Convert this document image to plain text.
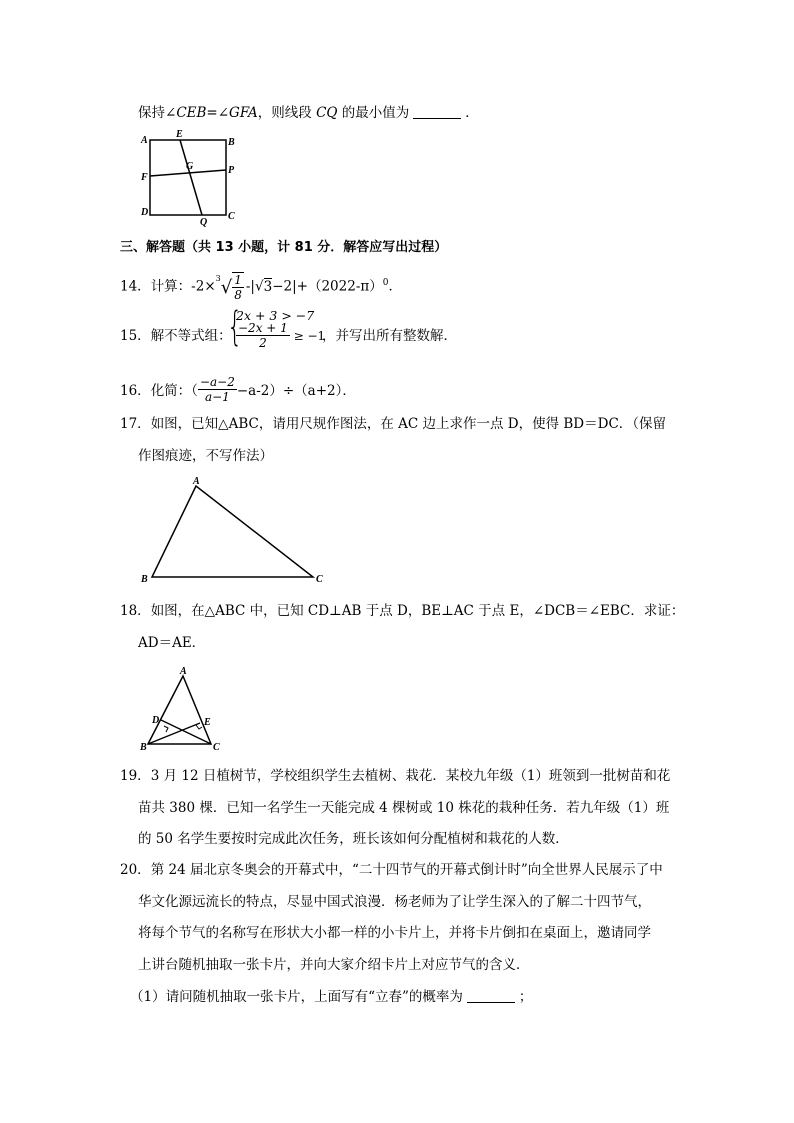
保持∠CEB=∠GFA，则线段 CQ 的最小值为	．
A
E
B
G	P
F
D
Q
C
三、解答题（共 13 小题，计 81 分．解答应写出过程）
14．计算：$-2\times^3√ \frac{1}{8} -|√3-2|+(2022-\pi)^0$．
15．解不等式组：
{
2x + 3 > −7
$\frac{-2x + 1}{2} \ge -1$
，并写出所有整数解．
16．化简：（ $\frac{-a-2}{a-1} -a-2)\div(a+2)$．
17．如图，已知△ABC，请用尺规作图法，在 AC 边上求作一点 D，使得 BD＝DC．（保留
作图痕迹，不写作法）
A
B	C
18．如图，在△ABC 中，已知 CD⊥AB 于点 D，BE⊥AC 于点 E，∠DCB＝∠EBC．求证：
AD＝AE．
A
D	E
B	C
19．3 月 12 日植树节，学校组织学生去植树、栽花．某校九年级（1）班领到一批树苗和花
苗共 380 棵．已知一名学生一天能完成 4 棵树或 10 株花的栽种任务．若九年级（1）班
的 50 名学生要按时完成此次任务，班长该如何分配植树和栽花的人数．
20．第 24 届北京冬奥会的开幕式中，“二十四节气的开幕式倒计时”向全世界人民展示了中
华文化源远流长的特点，尽显中国式浪漫．杨老师为了让学生深入的了解二十四节气，
将每个节气的名称写在形状大小都一样的小卡片上，并将卡片倒扣在桌面上，邀请同学
上讲台随机抽取一张卡片，并向大家介绍卡片上对应节气的含义．
（1）请问随机抽取一张卡片，上面写有“立春”的概率为	；
